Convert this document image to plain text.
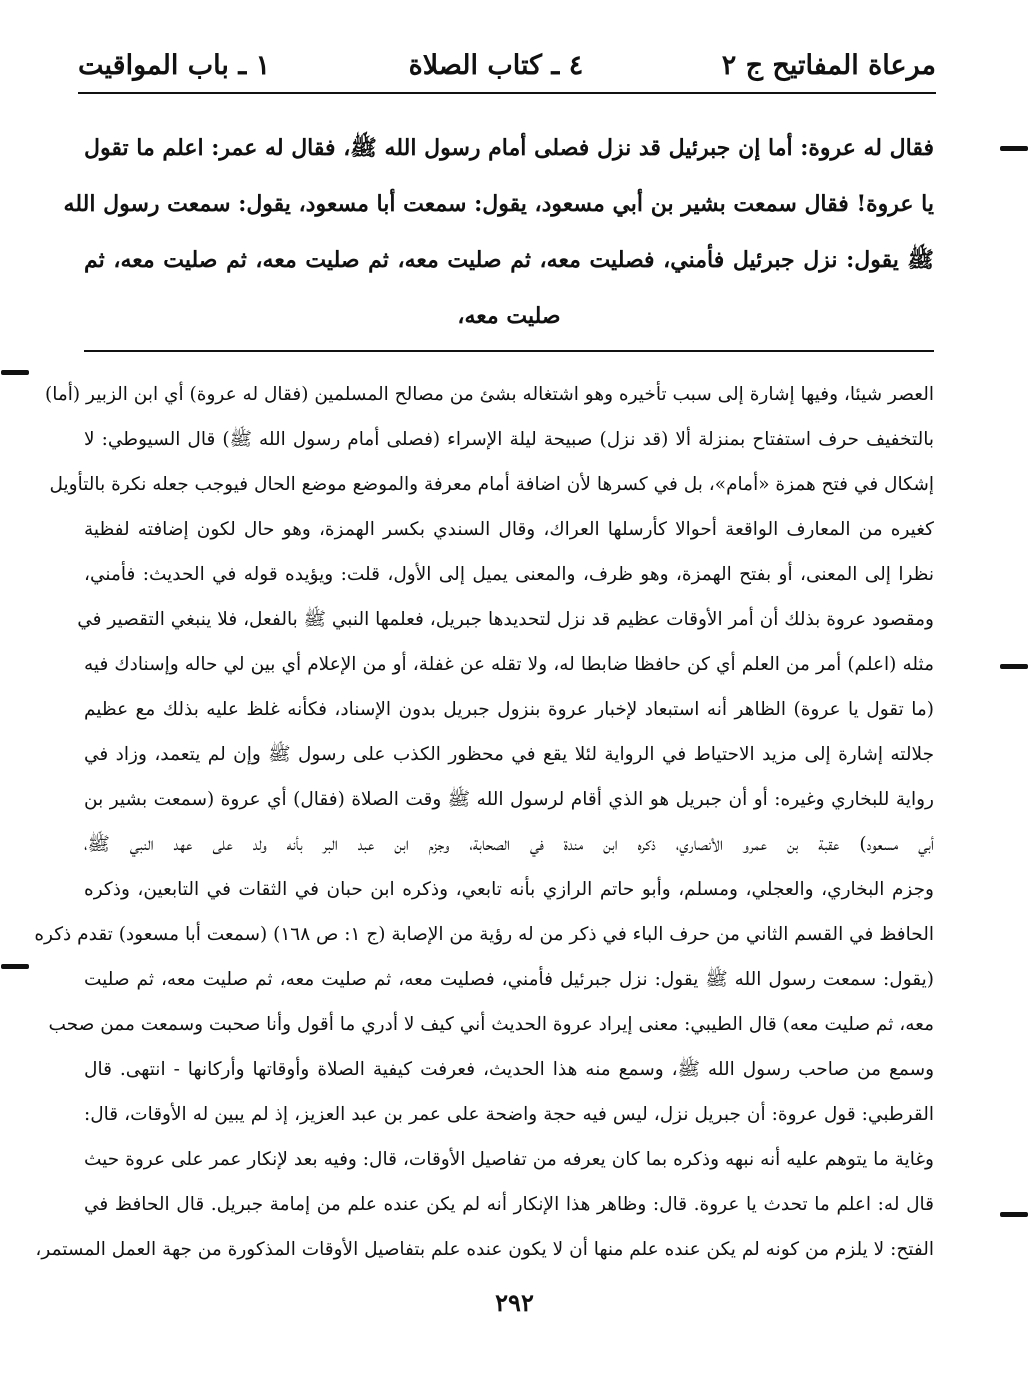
مرعاة المفاتيح ج ٢
٤ ـ كتاب الصلاة
١ ـ باب المواقيت
فقال له عروة: أما إن جبرئيل قد نزل فصلى أمام رسول الله ﷺ، فقال له عمر: اعلم ما تقول
يا عروة! فقال سمعت بشير بن أبي مسعود، يقول: سمعت أبا مسعود، يقول: سمعت رسول الله
ﷺ يقول: نزل جبرئيل فأمني، فصليت معه، ثم صليت معه، ثم صليت معه، ثم صليت معه، ثم
صليت معه،
العصر شيئا، وفيها إشارة إلى سبب تأخيره وهو اشتغاله بشئ من مصالح المسلمين (فقال له عروة) أي ابن الزبير (أما)
بالتخفيف حرف استفتاح بمنزلة ألا (قد نزل) صبيحة ليلة الإسراء (فصلى أمام رسول الله ﷺ) قال السيوطي: لا
إشكال في فتح همزة «أمام»، بل في كسرها لأن اضافة أمام معرفة والموضع موضع الحال فيوجب جعله نكرة بالتأويل
كغيره من المعارف الواقعة أحوالا كأرسلها العراك، وقال السندي بكسر الهمزة، وهو حال لكون إضافته لفظية
نظرا إلى المعنى، أو بفتح الهمزة، وهو ظرف، والمعنى يميل إلى الأول، قلت: ويؤيده قوله في الحديث: فأمني،
ومقصود عروة بذلك أن أمر الأوقات عظيم قد نزل لتحديدها جبريل، فعلمها النبي ﷺ بالفعل، فلا ينبغي التقصير في
مثله (اعلم) أمر من العلم أي كن حافظا ضابطا له، ولا تقله عن غفلة، أو من الإعلام أي بين لي حاله وإسنادك فيه
(ما تقول يا عروة) الظاهر أنه استبعاد لإخبار عروة بنزول جبريل بدون الإسناد، فكأنه غلظ عليه بذلك مع عظيم
جلالته إشارة إلى مزيد الاحتياط في الرواية لئلا يقع في محظور الكذب على رسول ﷺ وإن لم يتعمد، وزاد في
رواية للبخاري وغيره: أو أن جبريل هو الذي أقام لرسول الله ﷺ وقت الصلاة (فقال) أي عروة (سمعت بشير بن
أبي مسعود) عقبة بن عمرو الأنصاري، ذكره ابن مندة في الصحابة، وجزم ابن عبد البر بأنه ولد على عهد النبي ﷺ،
وجزم البخاري، والعجلي، ومسلم، وأبو حاتم الرازي بأنه تابعي، وذكره ابن حبان في الثقات في التابعين، وذكره
الحافظ في القسم الثاني من حرف الباء في ذكر من له رؤية من الإصابة (ج ١: ص ١٦٨) (سمعت أبا مسعود) تقدم ذكره
(يقول: سمعت رسول الله ﷺ يقول: نزل جبرئيل فأمني، فصليت معه، ثم صليت معه، ثم صليت معه، ثم صليت
معه، ثم صليت معه) قال الطيبي: معنى إيراد عروة الحديث أني كيف لا أدري ما أقول وأنا صحبت وسمعت ممن صحب
وسمع من صاحب رسول الله ﷺ، وسمع منه هذا الحديث، فعرفت كيفية الصلاة وأوقاتها وأركانها - انتهى. قال
القرطبي: قول عروة: أن جبريل نزل، ليس فيه حجة واضحة على عمر بن عبد العزيز، إذ لم يبين له الأوقات، قال:
وغاية ما يتوهم عليه أنه نبهه وذكره بما كان يعرفه من تفاصيل الأوقات، قال: وفيه بعد لإنكار عمر على عروة حيث
قال له: اعلم ما تحدث يا عروة. قال: وظاهر هذا الإنكار أنه لم يكن عنده علم من إمامة جبريل. قال الحافظ في
الفتح: لا يلزم من كونه لم يكن عنده علم منها أن لا يكون عنده علم بتفاصيل الأوقات المذكورة من جهة العمل المستمر،
٢٩٢
